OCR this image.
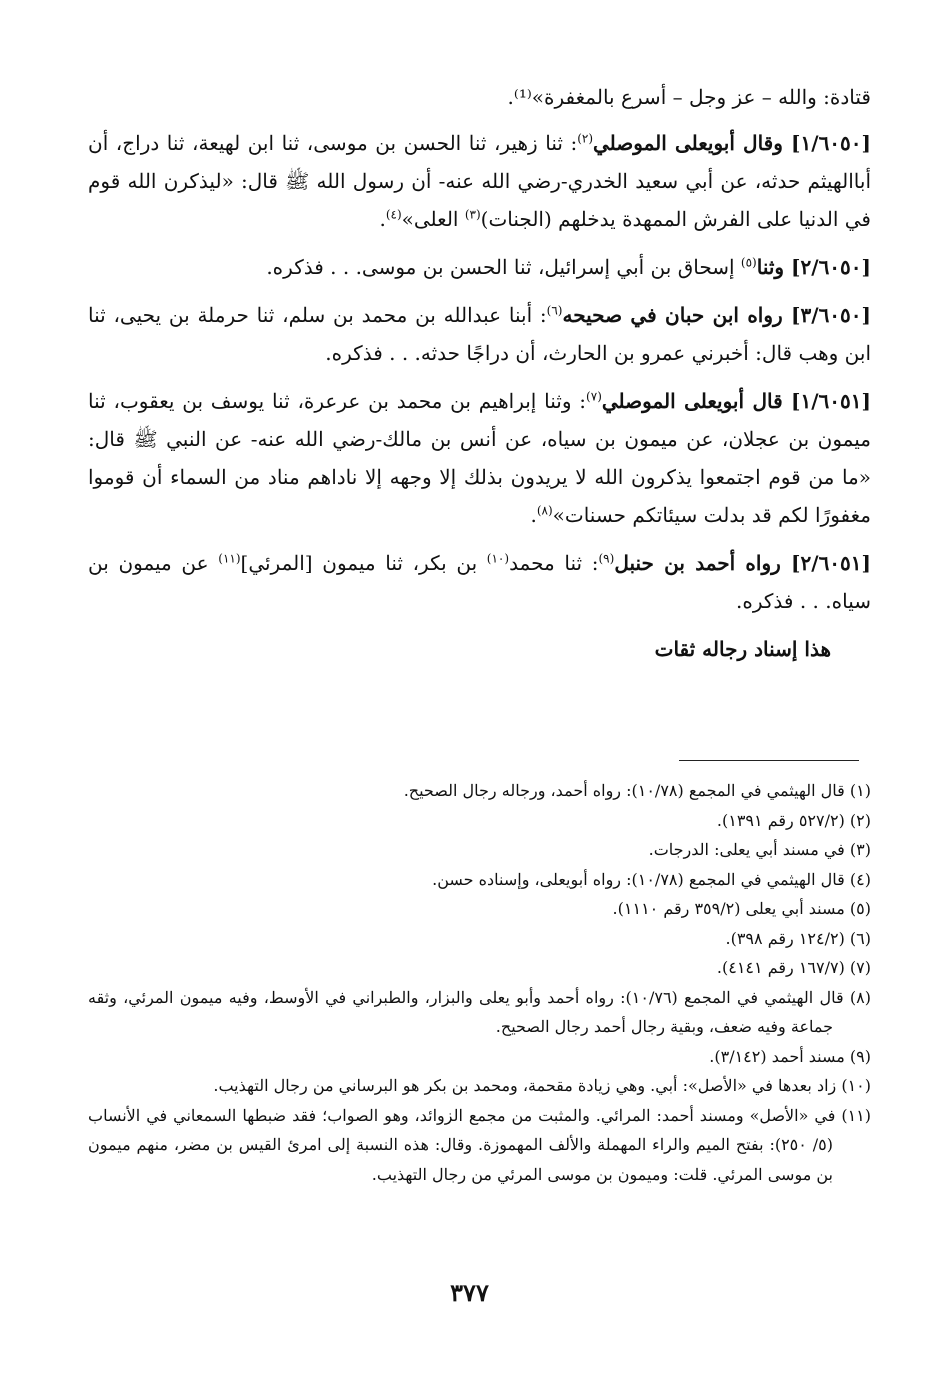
قتادة: والله – عز وجل – أسرع بالمغفرة»⁽¹⁾.

[١/٦٠٥٠] وقال أبويعلى الموصلي$^{(٢)}$: ثنا زهير، ثنا الحسن بن موسى، ثنا ابن لهيعة، ثنا دراج، أن أباالهيثم حدثه، عن أبي سعيد الخدري-رضي الله عنه- أن رسول الله ﷺ قال: «ليذكرن الله قوم في الدنيا على الفرش الممهدة يدخلهم (الجنات)$^{(٣)}$ العلى»$^{(٤)}$.

[٢/٦٠٥٠] وثنا$^{(٥)}$ إسحاق بن أبي إسرائيل، ثنا الحسن بن موسى. . . فذكره.

[٣/٦٠٥٠] رواه ابن حبان في صحيحه$^{(٦)}$: أبنا عبدالله بن محمد بن سلم، ثنا حرملة بن يحيى، ثنا ابن وهب قال: أخبرني عمرو بن الحارث، أن دراجًا حدثه. . . فذكره.

[١/٦٠٥١] قال أبويعلى الموصلي$^{(٧)}$: وثنا إبراهيم بن محمد بن عرعرة، ثنا يوسف بن يعقوب، ثنا ميمون بن عجلان، عن ميمون بن سياه، عن أنس بن مالك-رضي الله عنه- عن النبي ﷺ قال: «ما من قوم اجتمعوا يذكرون الله لا يريدون بذلك إلا وجهه إلا ناداهم مناد من السماء أن قوموا مغفورًا لكم قد بدلت سيئاتكم حسنات»$^{(٨)}$.

[٢/٦٠٥١] رواه أحمد بن حنبل$^{(٩)}$: ثنا محمد$^{(١٠)}$ بن بكر، ثنا ميمون [المرئي]$^{(١١)}$ عن ميمون بن سياه. . . فذكره.

هذا إسناد رجاله ثقات

(١) قال الهيثمي في المجمع (١٠/٧٨): رواه أحمد، ورجاله رجال الصحيح.

(٢) (٥٢٧/٢ رقم ١٣٩١).

(٣) في مسند أبي يعلى: الدرجات.

(٤) قال الهيثمي في المجمع (١٠/٧٨): رواه أبويعلى، وإسناده حسن.

(٥) مسند أبي يعلى (٣٥٩/٢ رقم ١١١٠).

(٦) (١٢٤/٢ رقم ٣٩٨).

(٧) (١٦٧/٧ رقم ٤١٤١).

(٨) قال الهيثمي في المجمع (١٠/٧٦): رواه أحمد وأبو يعلى والبزار، والطبراني في الأوسط، وفيه ميمون المرئي، وثقه جماعة وفيه ضعف، وبقية رجال أحمد رجال الصحيح.

(٩) مسند أحمد (٣/١٤٢).

(١٠) زاد بعدها في «الأصل»: أبي. وهي زيادة مقحمة، ومحمد بن بكر هو البرساني من رجال التهذيب.

(١١) في «الأصل» ومسند أحمد: المرائي. والمثبت من مجمع الزوائد، وهو الصواب؛ فقد ضبطها السمعاني في الأنساب (٥/ ٢٥٠): بفتح الميم والراء المهملة والألف المهموزة. وقال: هذه النسبة إلى امرئ القيس بن مضر، منهم ميمون بن موسى المرئي. قلت: وميمون بن موسى المرئي من رجال التهذيب.

٣٧٧
